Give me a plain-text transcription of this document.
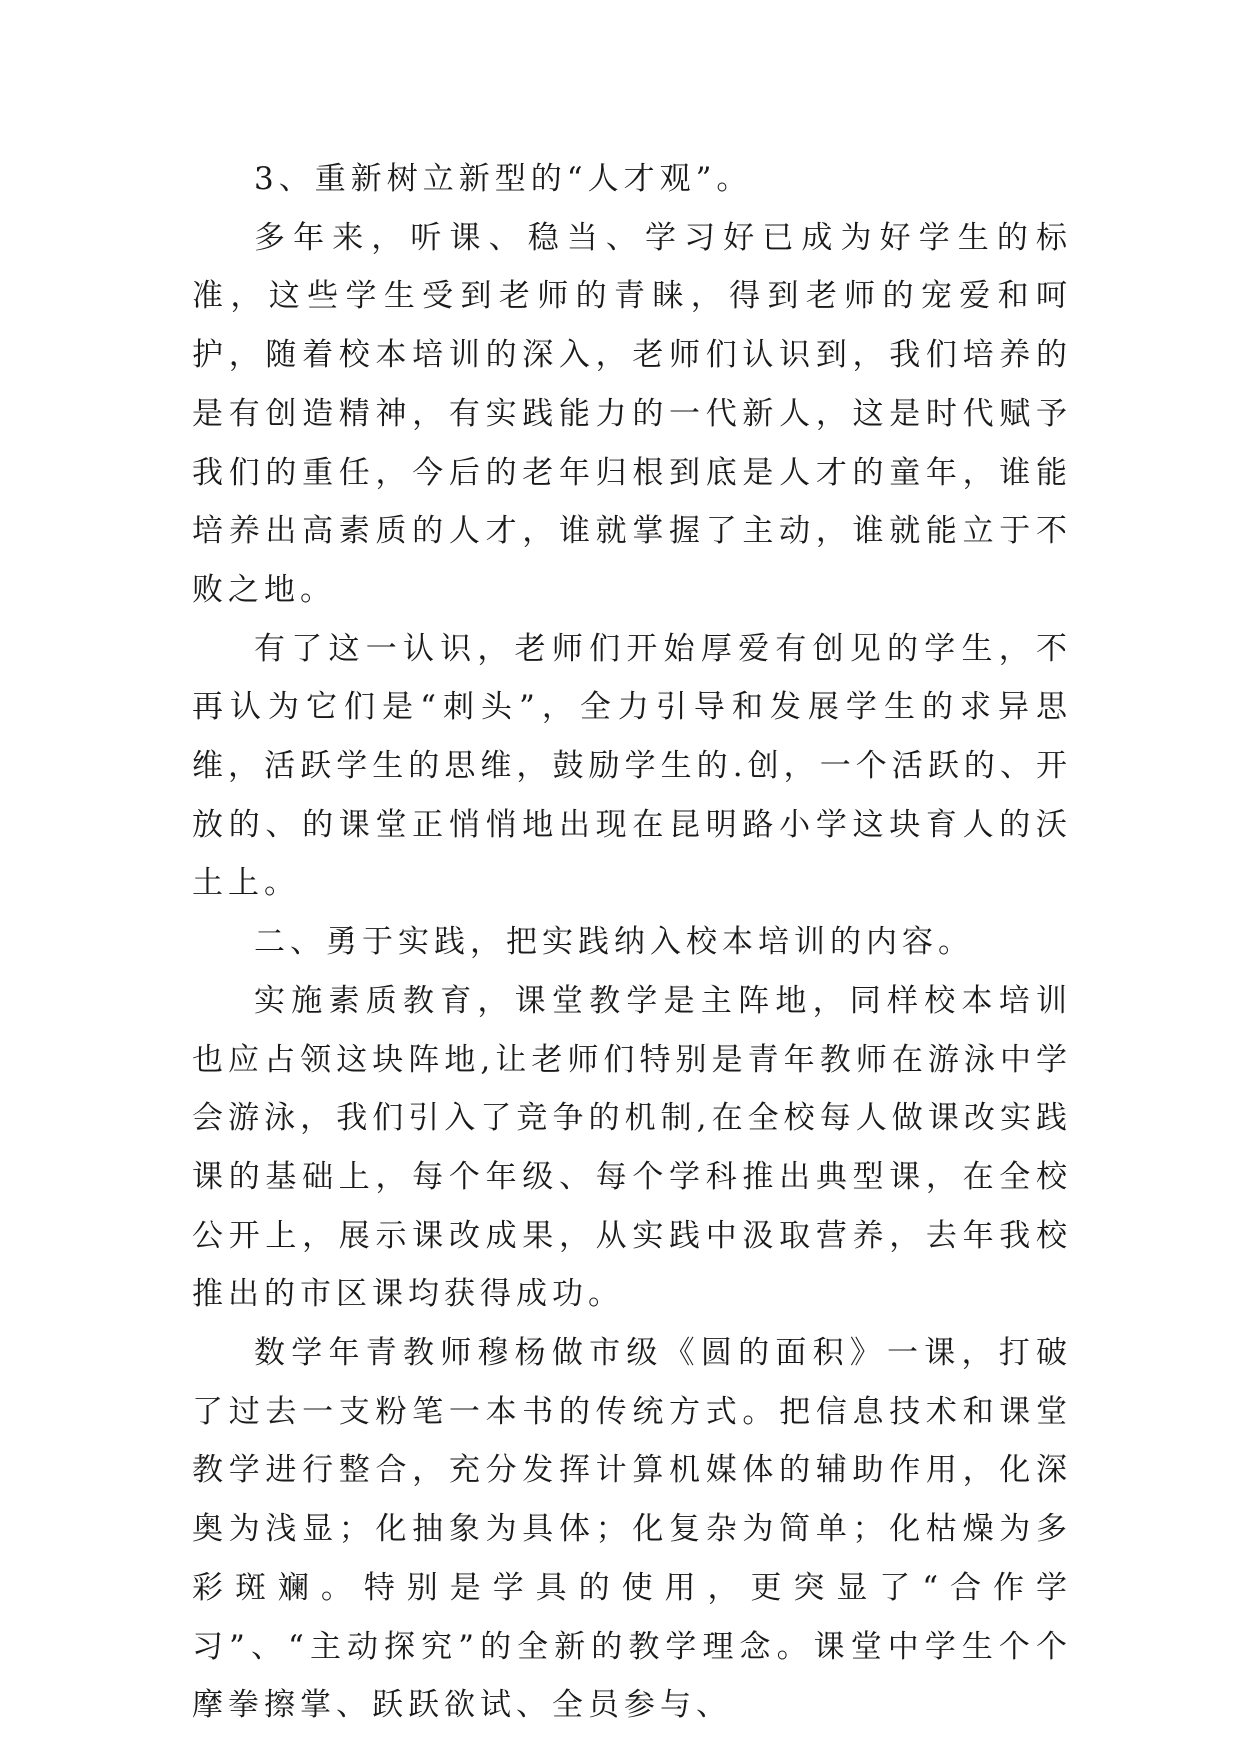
3、重新树立新型的“人才观”。

多年来，听课、稳当、学习好已成为好学生的标准，这些学生受到老师的青睐，得到老师的宠爱和呵护，随着校本培训的深入，老师们认识到，我们培养的是有创造精神，有实践能力的一代新人，这是时代赋予我们的重任，今后的老年归根到底是人才的童年，谁能培养出高素质的人才，谁就掌握了主动，谁就能立于不败之地。

有了这一认识，老师们开始厚爱有创见的学生，不再认为它们是“刺头”，全力引导和发展学生的求异思维，活跃学生的思维，鼓励学生的.创，一个活跃的、开放的、的课堂正悄悄地出现在昆明路小学这块育人的沃土上。

二、勇于实践，把实践纳入校本培训的内容。

实施素质教育，课堂教学是主阵地，同样校本培训也应占领这块阵地,让老师们特别是青年教师在游泳中学会游泳，我们引入了竞争的机制,在全校每人做课改实践课的基础上，每个年级、每个学科推出典型课，在全校公开上，展示课改成果，从实践中汲取营养，去年我校推出的市区课均获得成功。

数学年青教师穆杨做市级《圆的面积》一课，打破了过去一支粉笔一本书的传统方式。把信息技术和课堂教学进行整合，充分发挥计算机媒体的辅助作用，化深奥为浅显；化抽象为具体；化复杂为简单；化枯燥为多彩斑斓。特别是学具的使用，更突显了“合作学习”、“主动探究”的全新的教学理念。课堂中学生个个摩拳擦掌、跃跃欲试、全员参与、
